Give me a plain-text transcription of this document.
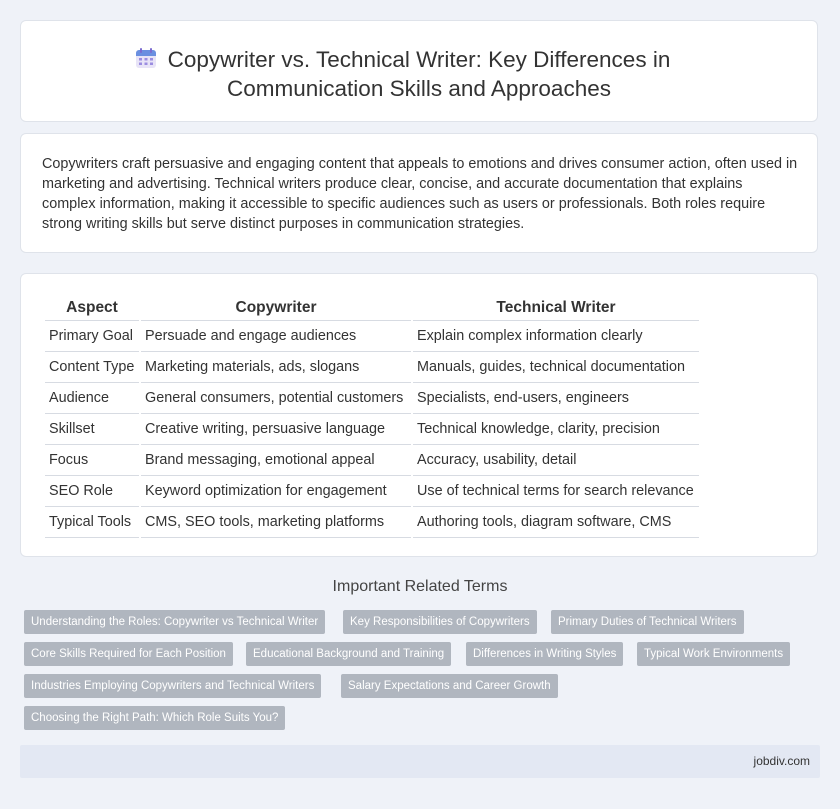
Copywriter vs. Technical Writer: Key Differences in Communication Skills and Approaches

Copywriters craft persuasive and engaging content that appeals to emotions and drives consumer action, often used in marketing and advertising. Technical writers produce clear, concise, and accurate documentation that explains complex information, making it accessible to specific audiences such as users or professionals. Both roles require strong writing skills but serve distinct purposes in communication strategies.

Aspect	Copywriter	Technical Writer
Primary Goal	Persuade and engage audiences	Explain complex information clearly
Content Type	Marketing materials, ads, slogans	Manuals, guides, technical documentation
Audience	General consumers, potential customers	Specialists, end-users, engineers
Skillset	Creative writing, persuasive language	Technical knowledge, clarity, precision
Focus	Brand messaging, emotional appeal	Accuracy, usability, detail
SEO Role	Keyword optimization for engagement	Use of technical terms for search relevance
Typical Tools	CMS, SEO tools, marketing platforms	Authoring tools, diagram software, CMS
Important Related Terms
Understanding the Roles: Copywriter vs Technical Writer	Key Responsibilities of Copywriters	Primary Duties of Technical Writers
Core Skills Required for Each Position	Educational Background and Training	Differences in Writing Styles	Typical Work Environments
Industries Employing Copywriters and Technical Writers	Salary Expectations and Career Growth
Choosing the Right Path: Which Role Suits You?
jobdiv.com
